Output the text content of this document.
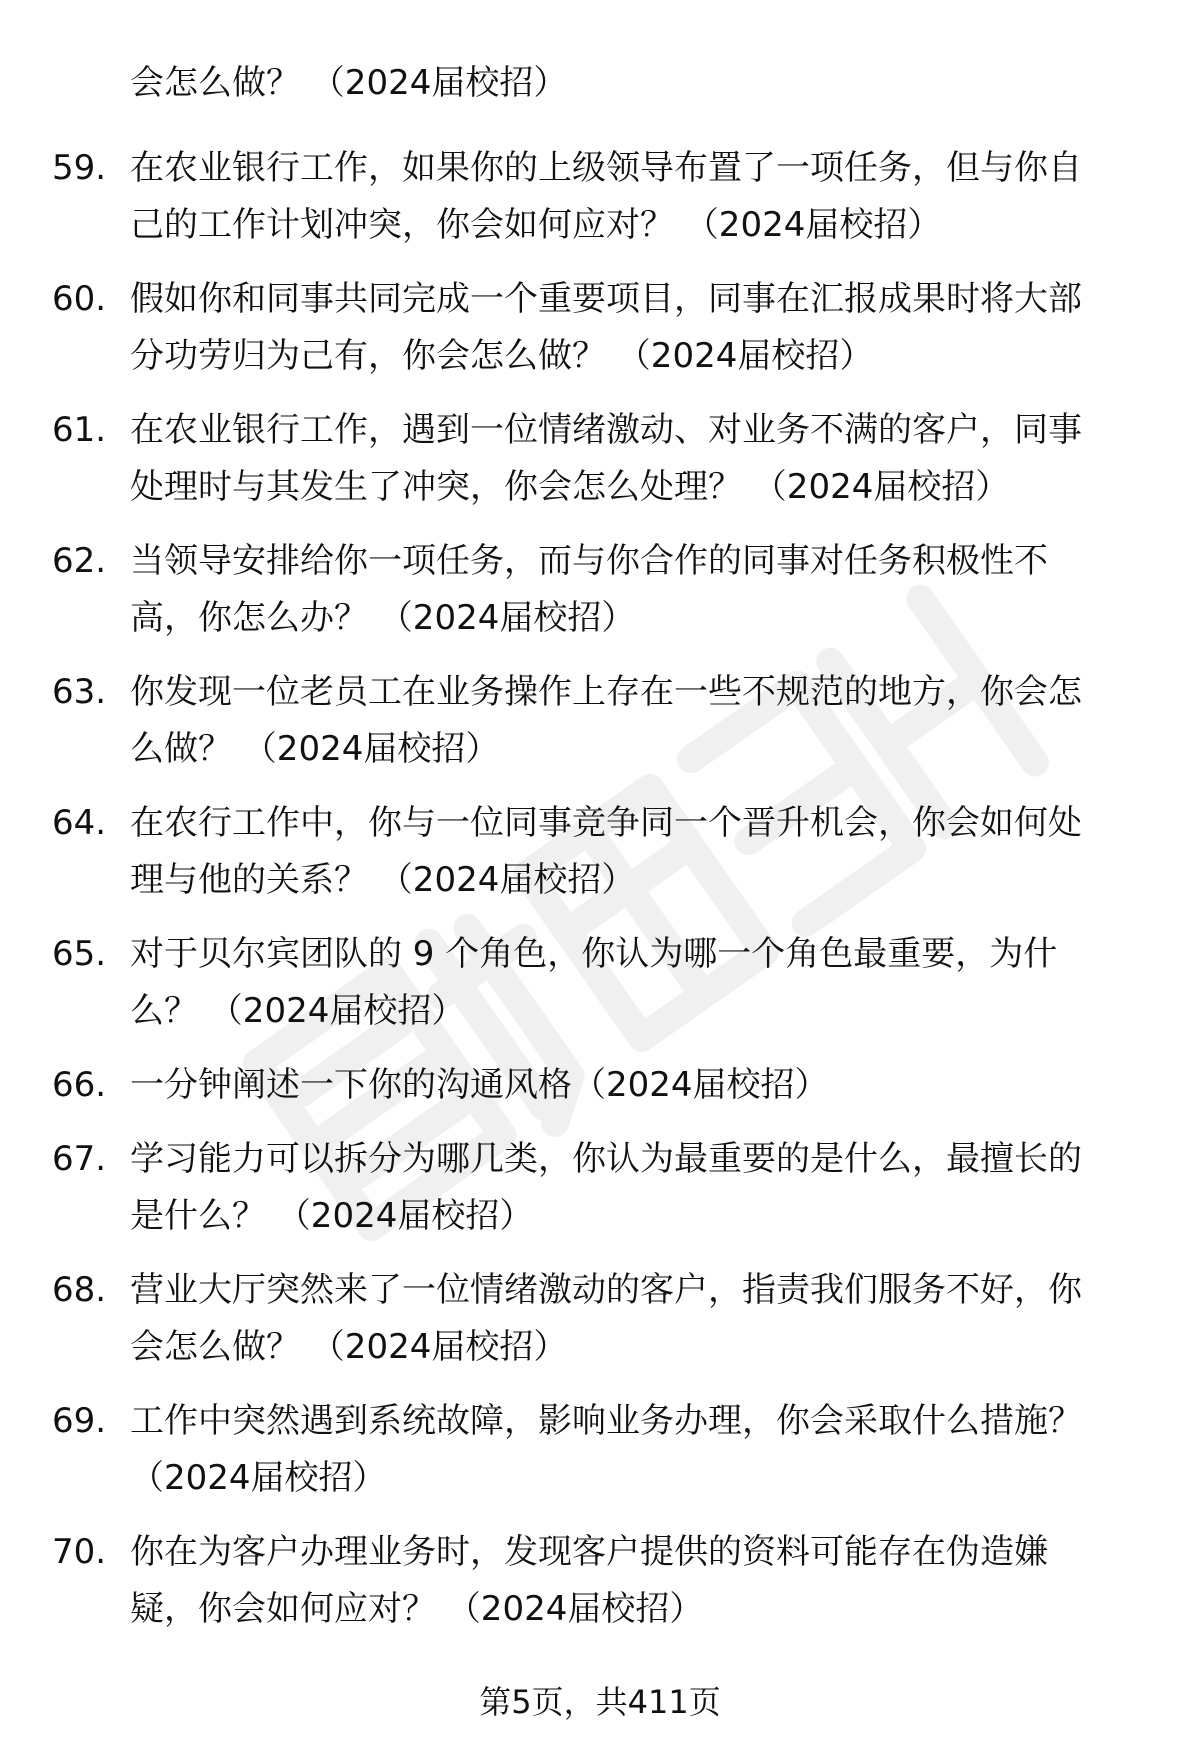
会怎么做？ （2024届校招）
59. 在农业银行工作，如果你的上级领导布置了一项任务，但与你自
己的工作计划冲突，你会如何应对？ （2024届校招）
60. 假如你和同事共同完成一个重要项目，同事在汇报成果时将大部
分功劳归为己有，你会怎么做？ （2024届校招）
61. 在农业银行工作，遇到一位情绪激动、对业务不满的客户，同事
处理时与其发生了冲突，你会怎么处理？ （2024届校招）
62. 当领导安排给你一项任务，而与你合作的同事对任务积极性不
高，你怎么办？ （2024届校招）
63. 你发现一位老员工在业务操作上存在一些不规范的地方，你会怎
么做？ （2024届校招）
64. 在农行工作中，你与一位同事竞争同一个晋升机会，你会如何处
理与他的关系？ （2024届校招）
65. 对于贝尔宾团队的 9 个角色，你认为哪一个角色最重要，为什
么？ （2024届校招）
66. 一分钟阐述一下你的沟通风格（2024届校招）
67. 学习能力可以拆分为哪几类，你认为最重要的是什么，最擅长的
是什么？ （2024届校招）
68. 营业大厅突然来了一位情绪激动的客户，指责我们服务不好，你
会怎么做？ （2024届校招）
69. 工作中突然遇到系统故障，影响业务办理，你会采取什么措施？
（2024届校招）
70. 你在为客户办理业务时，发现客户提供的资料可能存在伪造嫌
疑，你会如何应对？ （2024届校招）
第5页，共411页
